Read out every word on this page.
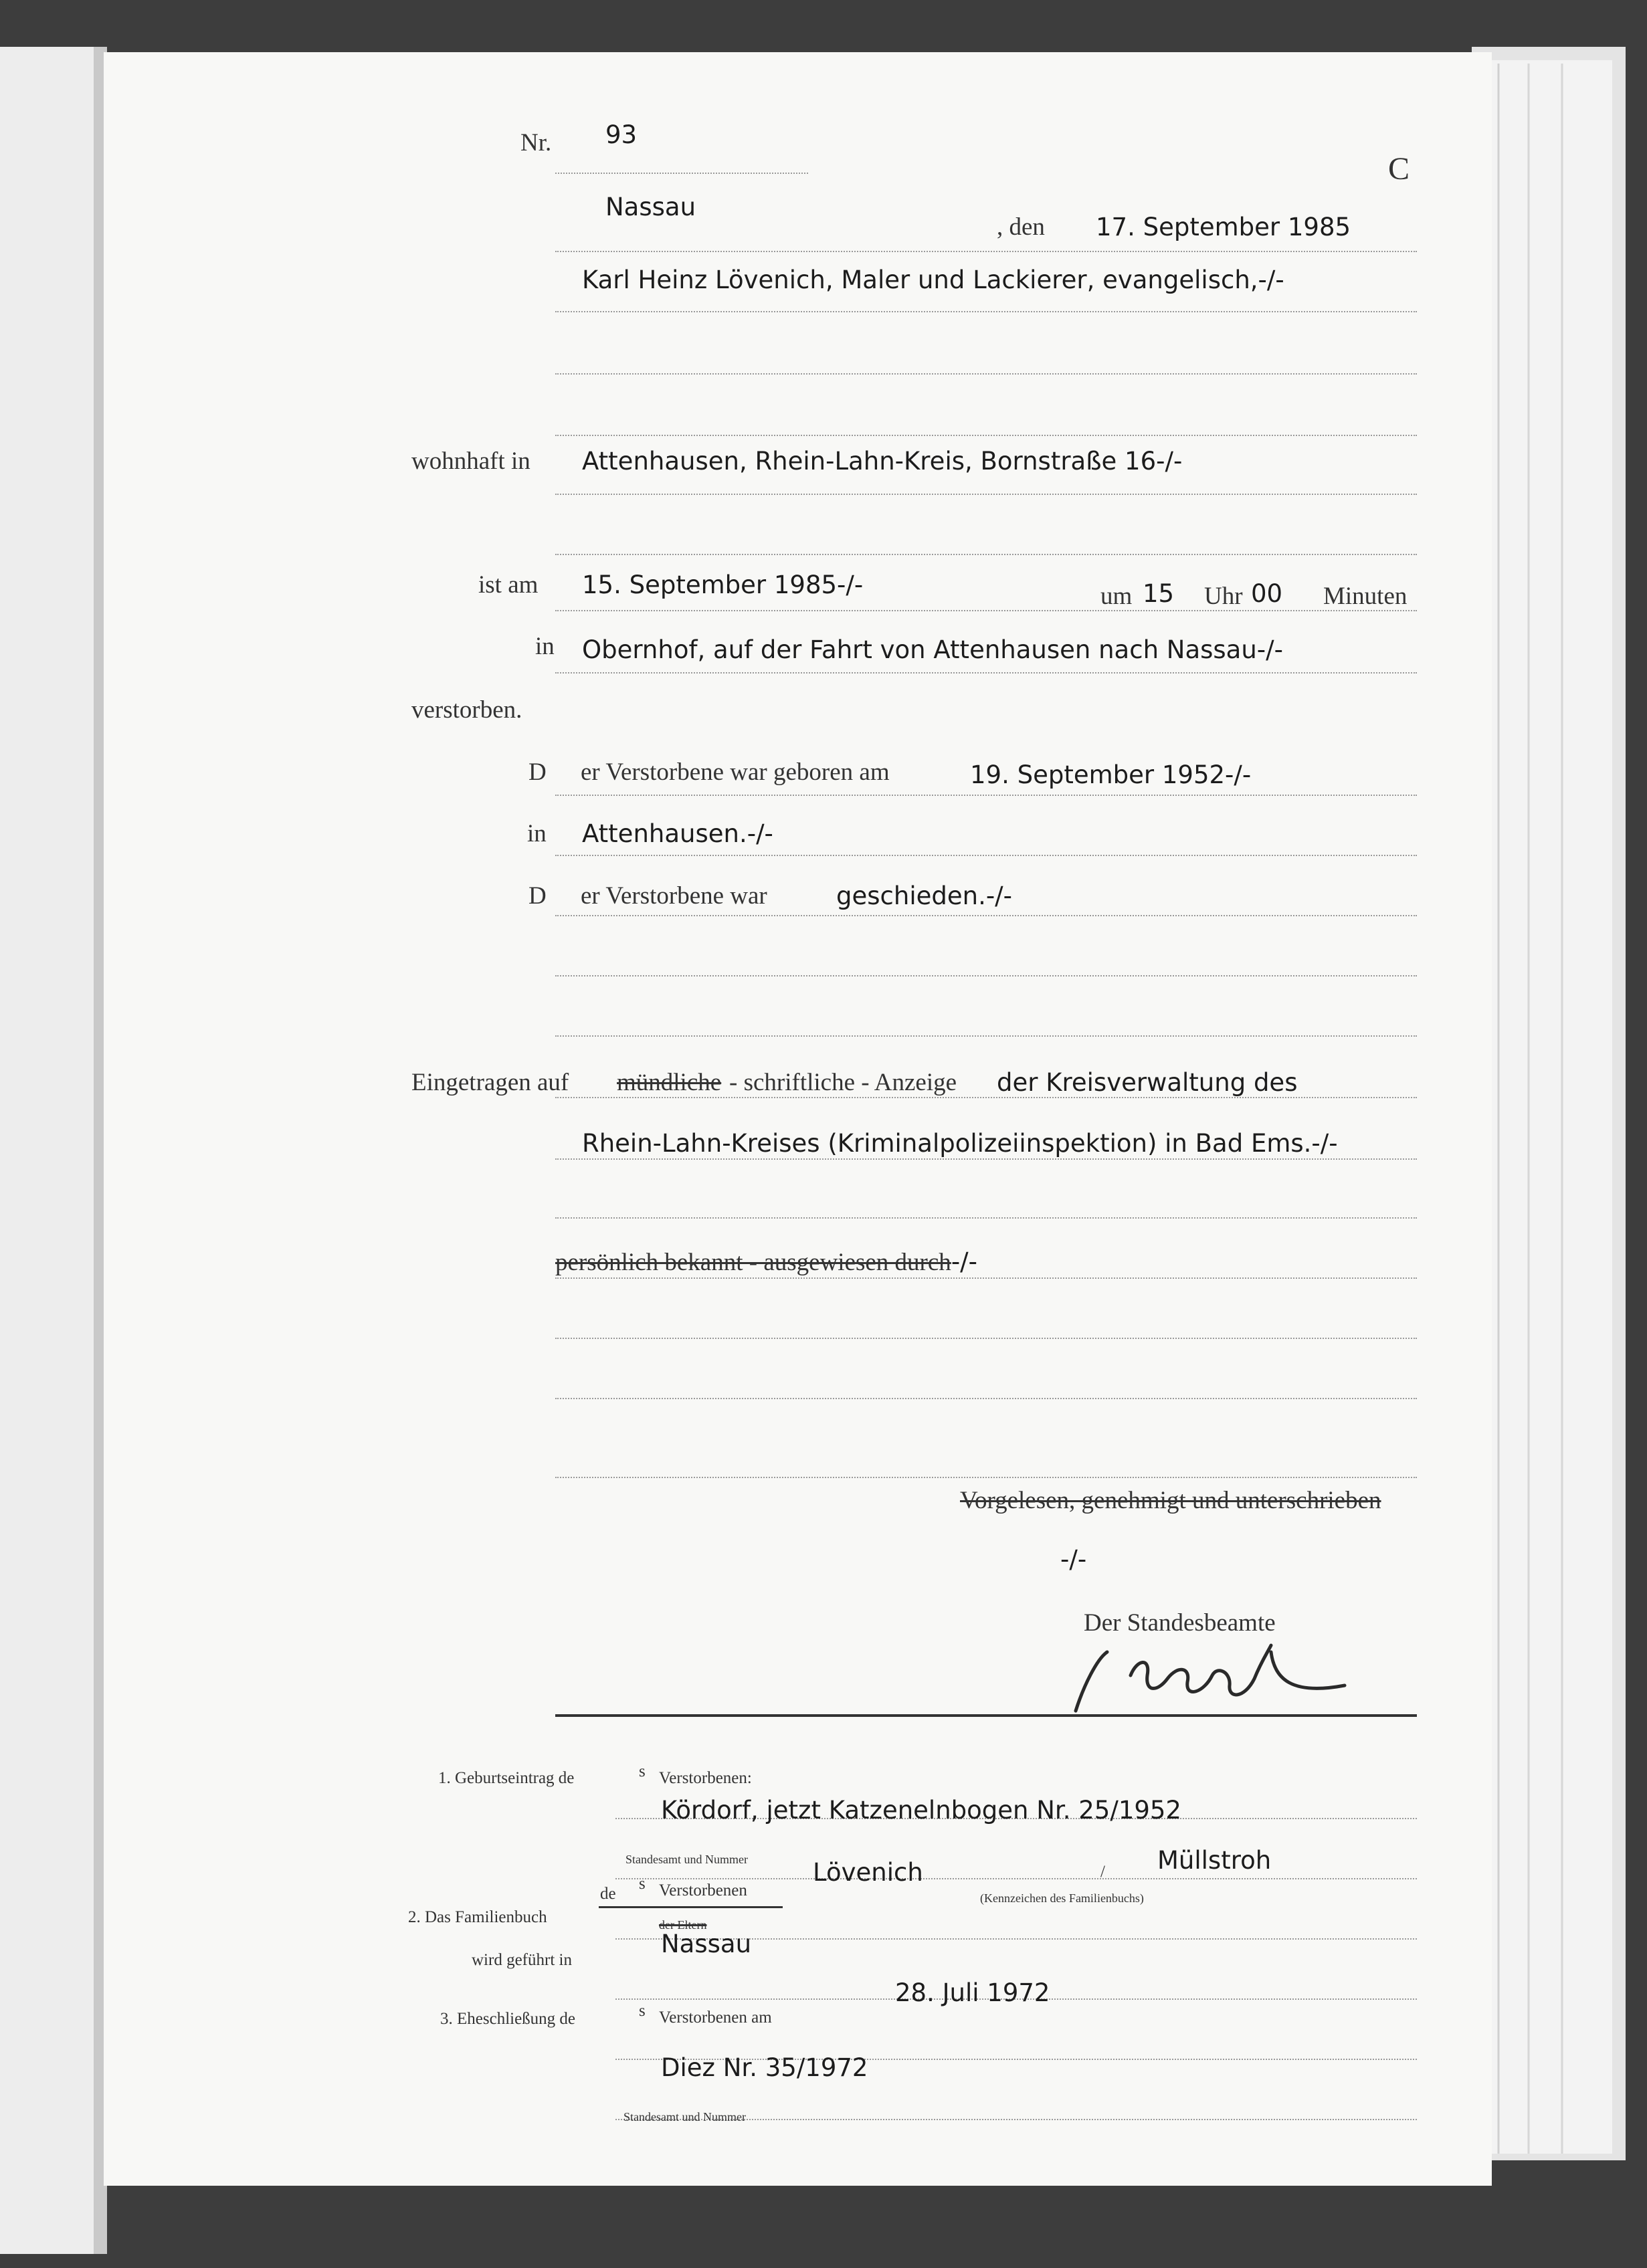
Nr. 93
C
Nassau
, den 17. September 1985
Karl Heinz Lövenich, Maler und Lackierer, evangelisch,-/-
wohnhaft in Attenhausen, Rhein-Lahn-Kreis, Bornstraße 16-/-
ist am 15. September 1985-/-	um 15 Uhr 00 Minuten
in Obernhof, auf der Fahrt von Attenhausen nach Nassau-/-
verstorben.
D er Verstorbene war geboren am	19. September 1952-/-
in Attenhausen.-/-
D er Verstorbene war	geschieden.-/-
Eingetragen auf mündliche - schriftliche - Anzeige der Kreisverwaltung des
Rhein-Lahn-Kreises (Kriminalpolizeiinspektion) in Bad Ems.-/-
persönlich bekannt - ausgewiesen durch-/-
Vorgelesen, genehmigt und unterschrieben
-/-
Der Standesbeamte
1. Geburtseintrag de	s Verstorbenen:
Kördorf, jetzt Katzenelnbogen Nr. 25/1952
Standesamt und Nummer
2. Das Familienbuch
de
s Verstorbenen
Lövenich	/ Müllstroh
(Kennzeichen des Familienbuchs)
der Eltern
wird geführt in
Nassau
3. Eheschließung de	s Verstorbenen am
28. Juli 1972
Diez Nr. 35/1972
Standesamt und Nummer
